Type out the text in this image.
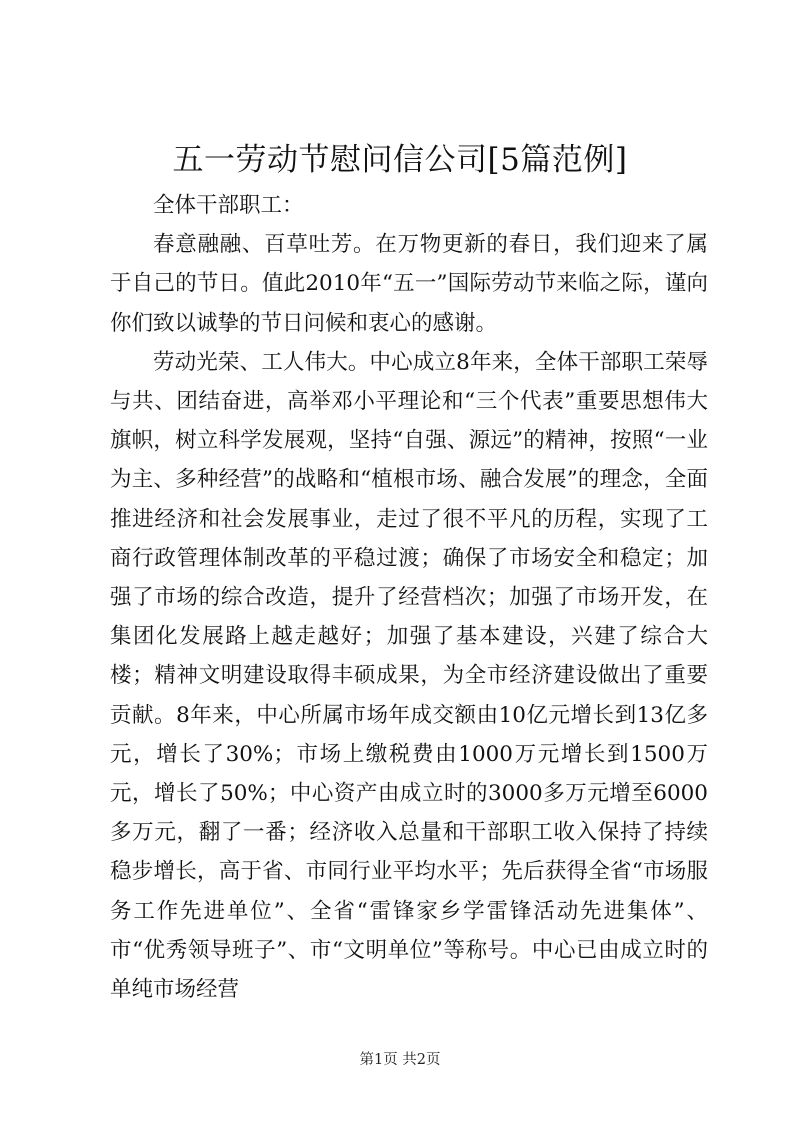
五一劳动节慰问信公司[5篇范例]

全体干部职工：

春意融融、百草吐芳。在万物更新的春日，我们迎来了属于自己的节日。值此2010年“五一”国际劳动节来临之际，谨向你们致以诚挚的节日问候和衷心的感谢。

劳动光荣、工人伟大。中心成立8年来，全体干部职工荣辱与共、团结奋进，高举邓小平理论和“三个代表”重要思想伟大旗帜，树立科学发展观，坚持“自强、源远”的精神，按照“一业为主、多种经营”的战略和“植根市场、融合发展”的理念，全面推进经济和社会发展事业，走过了很不平凡的历程，实现了工商行政管理体制改革的平稳过渡；确保了市场安全和稳定；加强了市场的综合改造，提升了经营档次；加强了市场开发，在集团化发展路上越走越好；加强了基本建设，兴建了综合大楼；精神文明建设取得丰硕成果，为全市经济建设做出了重要贡献。8年来，中心所属市场年成交额由10亿元增长到13亿多元，增长了30%；市场上缴税费由1000万元增长到1500万元，增长了50%；中心资产由成立时的3000多万元增至6000多万元，翻了一番；经济收入总量和干部职工收入保持了持续稳步增长，高于省、市同行业平均水平；先后获得全省“市场服务工作先进单位”、全省“雷锋家乡学雷锋活动先进集体”、市“优秀领导班子”、市“文明单位”等称号。中心已由成立时的单纯市场经营

第1页 共2页
